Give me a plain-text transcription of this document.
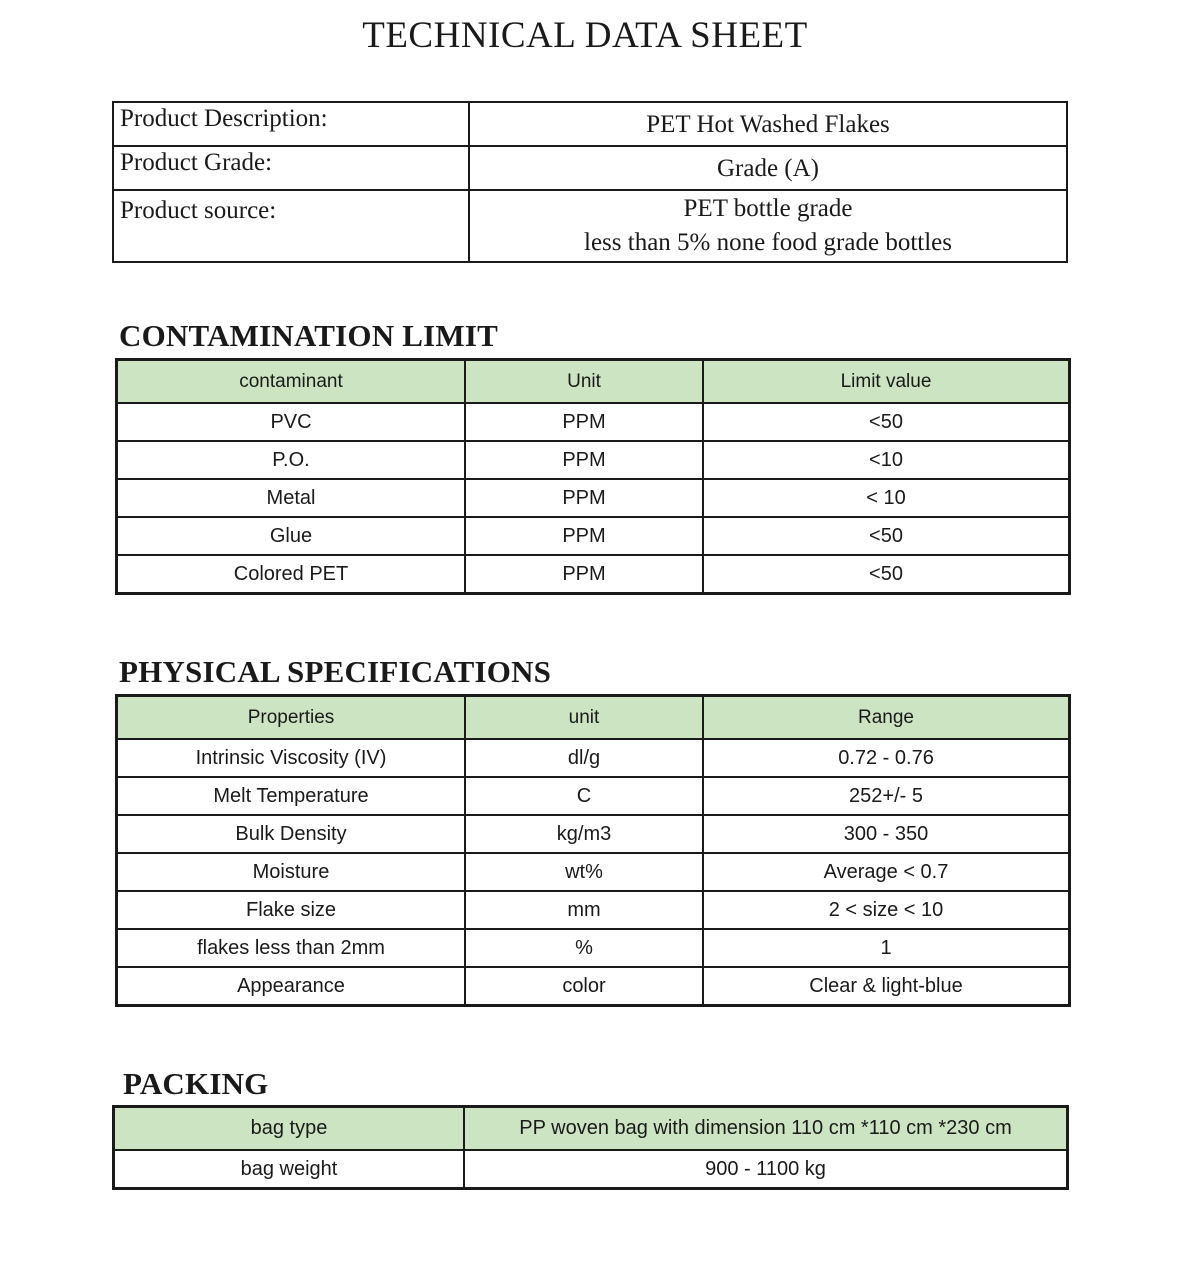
TECHNICAL DATA SHEET
Product Description:	PET Hot Washed Flakes
Product Grade:	Grade (A)
Product source:	PET bottle grade
less than 5% none food grade bottles
CONTAMINATION LIMIT
contaminant	Unit	Limit value
PVC	PPM	<50
P.O.	PPM	<10
Metal	PPM	< 10
Glue	PPM	<50
Colored PET	PPM	<50
PHYSICAL SPECIFICATIONS
Properties	unit	Range
Intrinsic Viscosity (IV)	dl/g	0.72 - 0.76
Melt Temperature	C	252+/- 5
Bulk Density	kg/m3	300 - 350
Moisture	wt%	Average < 0.7
Flake size	mm	2 < size < 10
flakes less than 2mm	%	1
Appearance	color	Clear & light-blue
PACKING
bag type	PP woven bag with dimension 110 cm *110 cm *230 cm
bag weight	900 - 1100 kg
